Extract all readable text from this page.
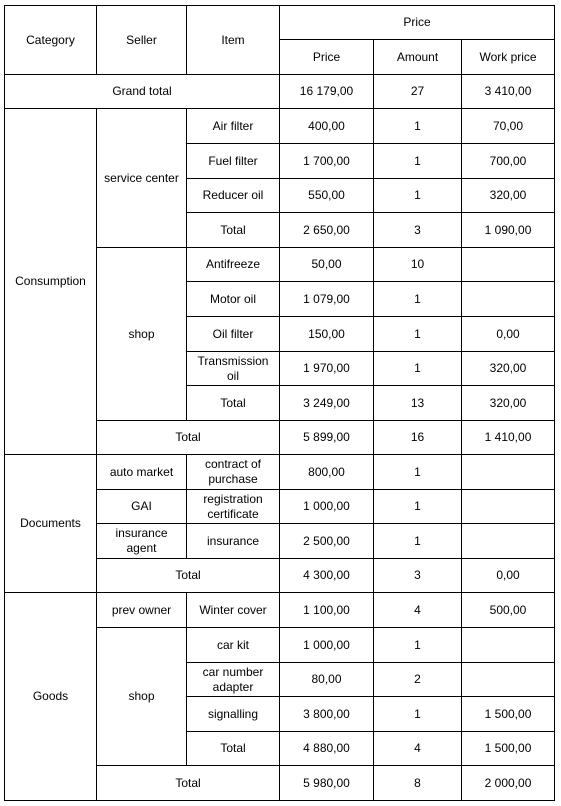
Category	Seller	Item	Price		
			Price	Amount	Work price
Grand total			16 179,00	27	3 410,00
Consumption	service center	Air filter	400,00	1	70,00
		Fuel filter	1 700,00	1	700,00
		Reducer oil	550,00	1	320,00
		Total	2 650,00	3	1 090,00
	shop	Antifreeze	50,00	10	
		Motor oil	1 079,00	1	
		Oil filter	150,00	1	0,00
		Transmission oil	1 970,00	1	320,00
		Total	3 249,00	13	320,00
	Total		5 899,00	16	1 410,00
Documents	auto market	contract of purchase	800,00	1	
	GAI	registration certificate	1 000,00	1	
	insurance agent	insurance	2 500,00	1	
	Total		4 300,00	3	0,00
Goods	prev owner	Winter cover	1 100,00	4	500,00
	shop	car kit	1 000,00	1	
		car number adapter	80,00	2	
		signalling	3 800,00	1	1 500,00
		Total	4 880,00	4	1 500,00
	Total		5 980,00	8	2 000,00
